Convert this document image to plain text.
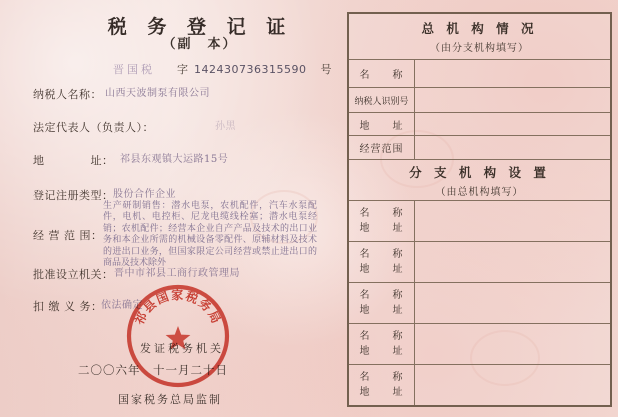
税 务 登 记 证
（副　本）
晋国税 字 142430736315590 号
纳税人名称： 山西天波制泵有限公司
法定代表人（负责人）：	孙黑
地　　　　址： 祁县东观镇大运路15号
登记注册类型： 股份合作企业
经 营 范 围：
生产研制销售：潜水电泵，农机配件，汽车水泵配件，电机、电控柜、尼龙电缆线栓塞；潜水电泵经销；农机配件；经营本企业自产产品及技术的出口业务和本企业所需的机械设备零配件、原辅材料及技术的进出口业务，但国家限定公司经营或禁止进出口的商品及技术除外
批准设立机关： 晋中市祁县工商行政管理局
扣 缴 义 务：
依法确定
发证税务机关
二〇〇六年　十一月二十日
国家税务总局监制
祁县国家税务局
总 机 构 情 况
（由分支机构填写）
名　　称
纳税人识别号
地　　址
经营范围
分 支 机 构 设 置
（由总机构填写）
名　　称
地　　址
名　　称
地　　址
名　　称
地　　址
名　　称
地　　址
名　　称
地　　址
